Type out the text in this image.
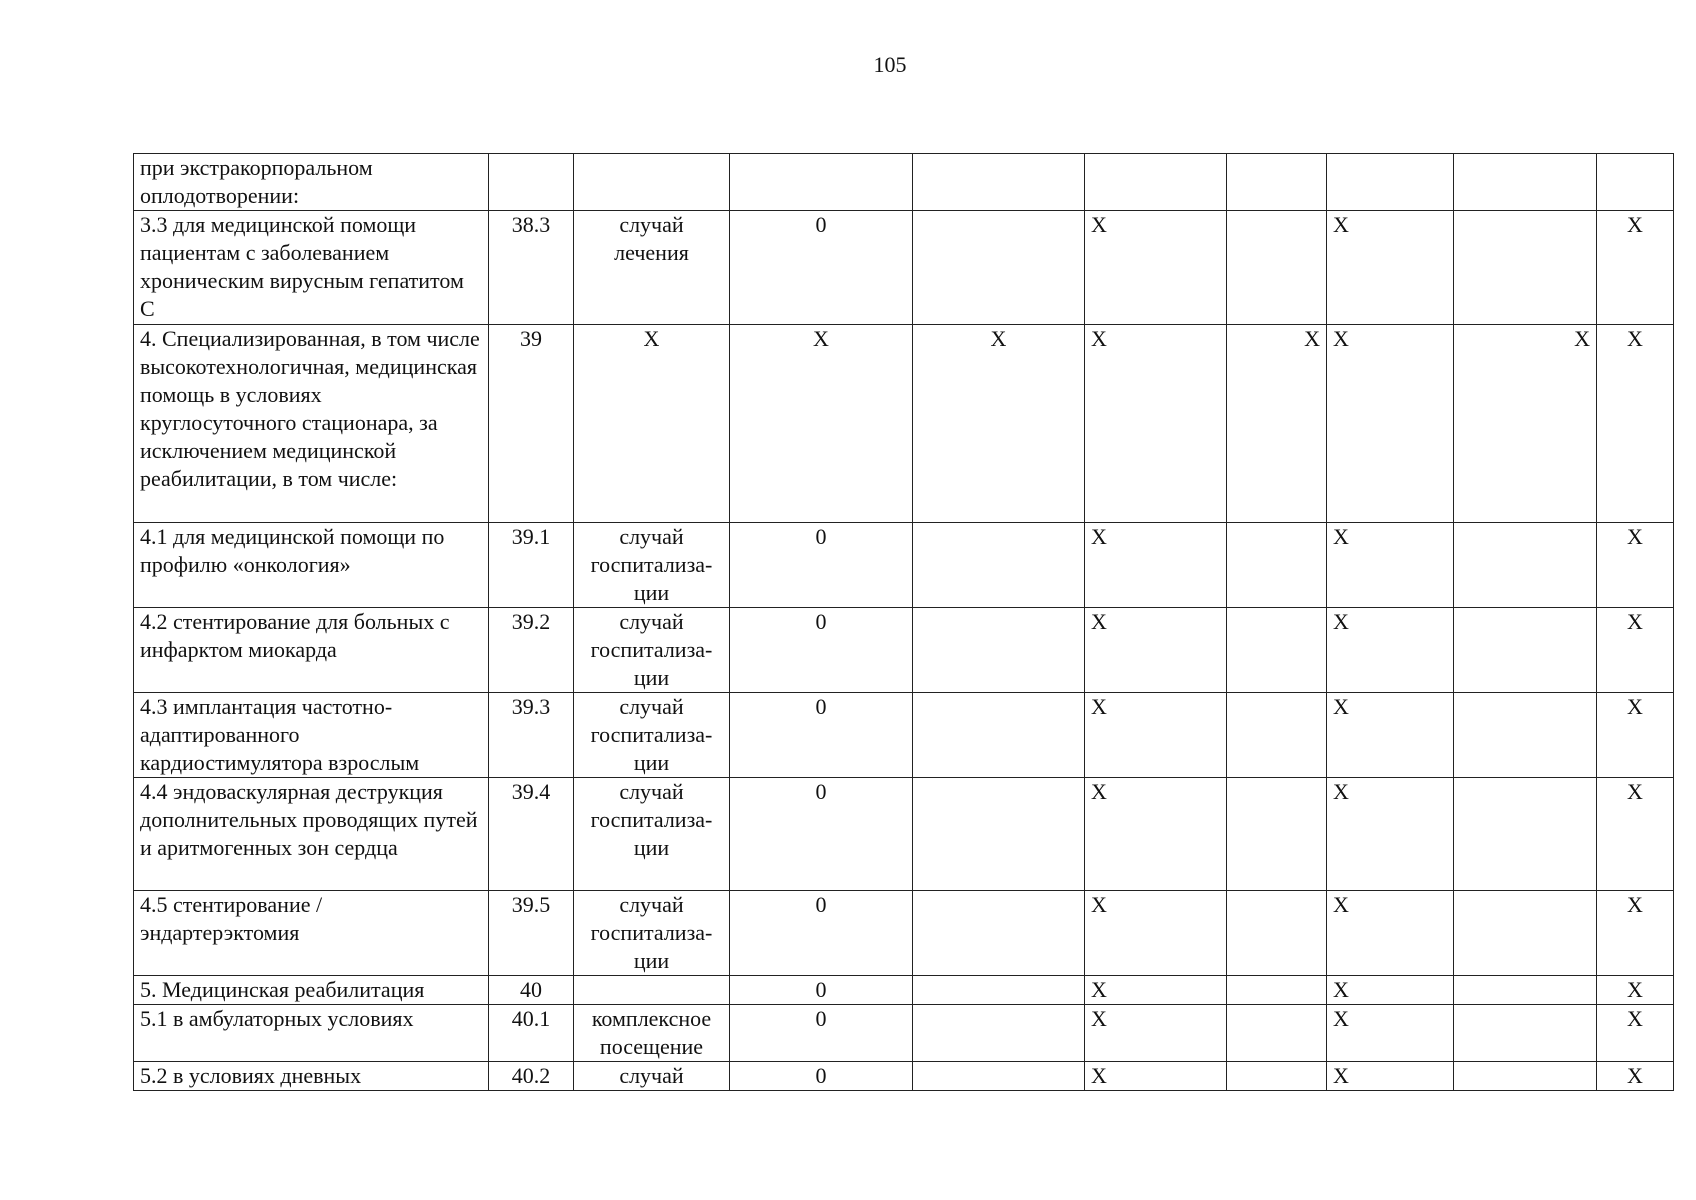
105
при экстракорпоральном оплодотворении:									
3.3 для медицинской помощи пациентам с заболеванием хроническим вирусным гепатитом С	38.3	случай лечения	0		Х		Х		Х
4. Специализированная, в том числе высокотехнологичная, медицинская помощь в условиях круглосуточного стационара, за исключением медицинской реабилитации, в том числе:	39	Х	Х	Х	Х	Х	Х	Х	Х
4.1 для медицинской помощи по профилю «онкология»	39.1	случай госпитализа-ции	0		Х		Х		Х
4.2 стентирование для больных с инфарктом миокарда	39.2	случай госпитализа-ции	0		Х		Х		Х
4.3 имплантация частотно-адаптированного кардиостимулятора взрослым	39.3	случай госпитализа-ции	0		Х		Х		Х
4.4 эндоваскулярная деструкция дополнительных проводящих путей и аритмогенных зон сердца	39.4	случай госпитализа-ции	0		Х		Х		Х
4.5 стентирование / эндартерэктомия	39.5	случай госпитализа-ции	0		Х		Х		Х
5. Медицинская реабилитация	40		0		Х		Х		Х
5.1 в амбулаторных условиях	40.1	комплексное посещение	0		Х		Х		Х
5.2 в условиях дневных	40.2	случай	0		Х		Х		Х
